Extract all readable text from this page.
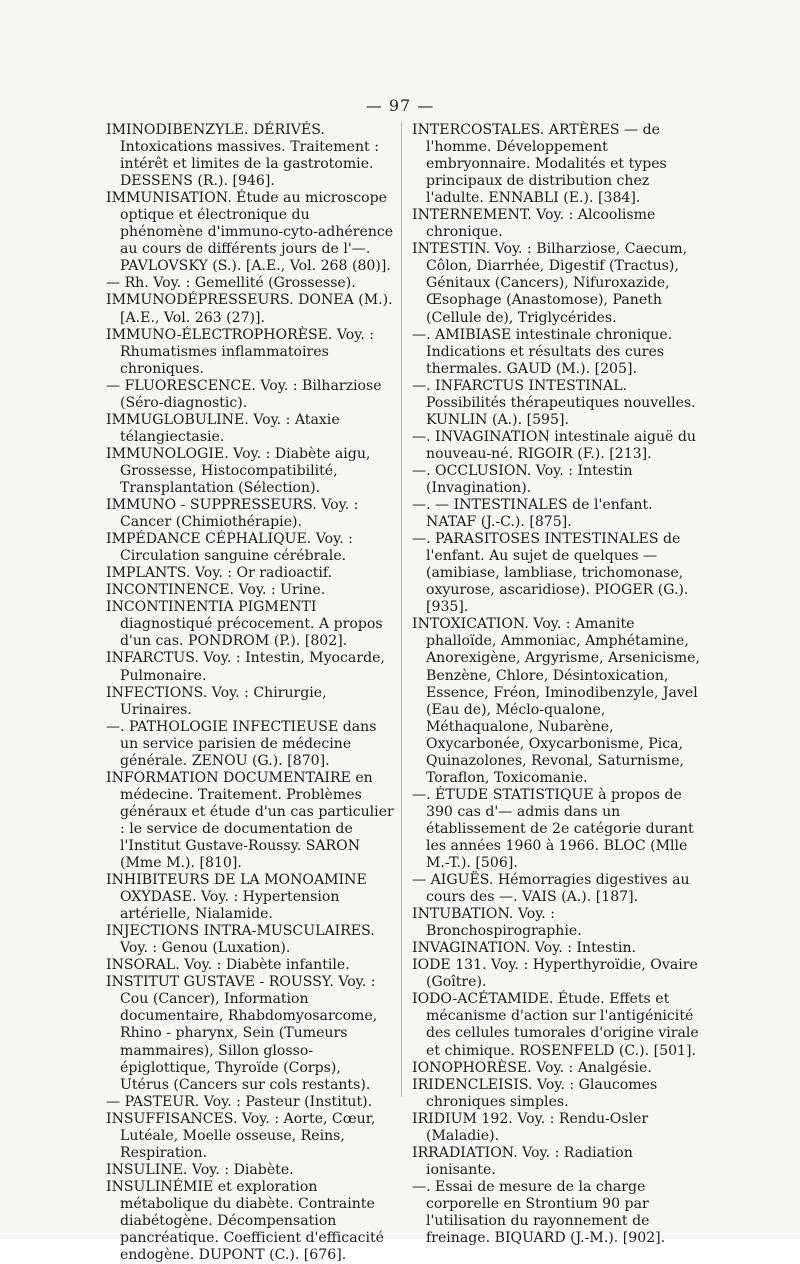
— 97 —

IMINODIBENZYLE. DÉRIVÉS. Intoxications massives. Traitement : intérêt et limites de la gastrotomie. DESSENS (R.). [946].

IMMUNISATION. Étude au microscope optique et électronique du phénomène d'immuno-cyto-adhérence au cours de différents jours de l'—. PAVLOVSKY (S.). [A.E., Vol. 268 (80)].

— Rh. Voy. : Gemellité (Grossesse).

IMMUNODÉPRESSEURS. DONEA (M.). [A.E., Vol. 263 (27)].

IMMUNO-ÉLECTROPHORÈSE. Voy. : Rhumatismes inflammatoires chroniques.

— FLUORESCENCE. Voy. : Bilharziose (Séro-diagnostic).

IMMUGLOBULINE. Voy. : Ataxie télangiectasie.

IMMUNOLOGIE. Voy. : Diabète aigu, Grossesse, Histocompatibilité, Transplantation (Sélection).

IMMUNO - SUPPRESSEURS. Voy. : Cancer (Chimiothérapie).

IMPÉDANCE CÉPHALIQUE. Voy. : Circulation sanguine cérébrale.

IMPLANTS. Voy. : Or radioactif.

INCONTINENCE. Voy. : Urine.

INCONTINENTIA PIGMENTI diagnostiqué précocement. A propos d'un cas. PONDROM (P.). [802].

INFARCTUS. Voy. : Intestin, Myocarde, Pulmonaire.

INFECTIONS. Voy. : Chirurgie, Urinaires.

—. PATHOLOGIE INFECTIEUSE dans un service parisien de médecine générale. ZENOU (G.). [870].

INFORMATION DOCUMENTAIRE en médecine. Traitement. Problèmes généraux et étude d'un cas particulier : le service de documentation de l'Institut Gustave-Roussy. SARON (Mme M.). [810].

INHIBITEURS DE LA MONOAMINE OXYDASE. Voy. : Hypertension artérielle, Nialamide.

INJECTIONS INTRA-MUSCULAIRES. Voy. : Genou (Luxation).

INSORAL. Voy. : Diabète infantile.

INSTITUT GUSTAVE - ROUSSY. Voy. : Cou (Cancer), Information documentaire, Rhabdomyosarcome, Rhino - pharynx, Sein (Tumeurs mammaires), Sillon glosso-épiglottique, Thyroïde (Corps), Utérus (Cancers sur cols restants).

— PASTEUR. Voy. : Pasteur (Institut).

INSUFFISANCES. Voy. : Aorte, Cœur, Lutéale, Moelle osseuse, Reins, Respiration.

INSULINE. Voy. : Diabète.

INSULINÉMIE et exploration métabolique du diabète. Contrainte diabétogène. Décompensation pancréatique. Coefficient d'efficacité endogène. DUPONT (C.). [676].

INTERCOSTALES. ARTÈRES — de l'homme. Développement embryonnaire. Modalités et types principaux de distribution chez l'adulte. ENNABLI (E.). [384].

INTERNEMENT. Voy. : Alcoolisme chronique.

INTESTIN. Voy. : Bilharziose, Caecum, Côlon, Diarrhée, Digestif (Tractus), Génitaux (Cancers), Nifuroxazide, Œsophage (Anastomose), Paneth (Cellule de), Triglycérides.

—. AMIBIASE intestinale chronique. Indications et résultats des cures thermales. GAUD (M.). [205].

—. INFARCTUS INTESTINAL. Possibilités thérapeutiques nouvelles. KUNLIN (A.). [595].

—. INVAGINATION intestinale aiguë du nouveau-né. RIGOIR (F.). [213].

—. OCCLUSION. Voy. : Intestin (Invagination).

—. — INTESTINALES de l'enfant. NATAF (J.-C.). [875].

—. PARASITOSES INTESTINALES de l'enfant. Au sujet de quelques — (amibiase, lambliase, trichomonase, oxyurose, ascaridiose). PIOGER (G.). [935].

INTOXICATION. Voy. : Amanite phalloïde, Ammoniac, Amphétamine, Anorexigène, Argyrisme, Arsenicisme, Benzène, Chlore, Désintoxication, Essence, Fréon, Iminodibenzyle, Javel (Eau de), Méclo-qualone, Méthaqualone, Nubarène, Oxycarbonée, Oxycarbonisme, Pica, Quinazolones, Revonal, Saturnisme, Toraflon, Toxicomanie.

—. ÉTUDE STATISTIQUE à propos de 390 cas d'— admis dans un établissement de 2e catégorie durant les années 1960 à 1966. BLOC (Mlle M.-T.). [506].

— AIGUËS. Hémorragies digestives au cours des —. VAIS (A.). [187].

INTUBATION. Voy. : Bronchospirographie.

INVAGINATION. Voy. : Intestin.

IODE 131. Voy. : Hyperthyroïdie, Ovaire (Goître).

IODO-ACÉTAMIDE. Étude. Effets et mécanisme d'action sur l'antigénicité des cellules tumorales d'origine virale et chimique. ROSENFELD (C.). [501].

IONOPHORÈSE. Voy. : Analgésie.

IRIDENCLEISIS. Voy. : Glaucomes chroniques simples.

IRIDIUM 192. Voy. : Rendu-Osler (Maladie).

IRRADIATION. Voy. : Radiation ionisante.

—. Essai de mesure de la charge corporelle en Strontium 90 par l'utilisation du rayonnement de freinage. BIQUARD (J.-M.). [902].
